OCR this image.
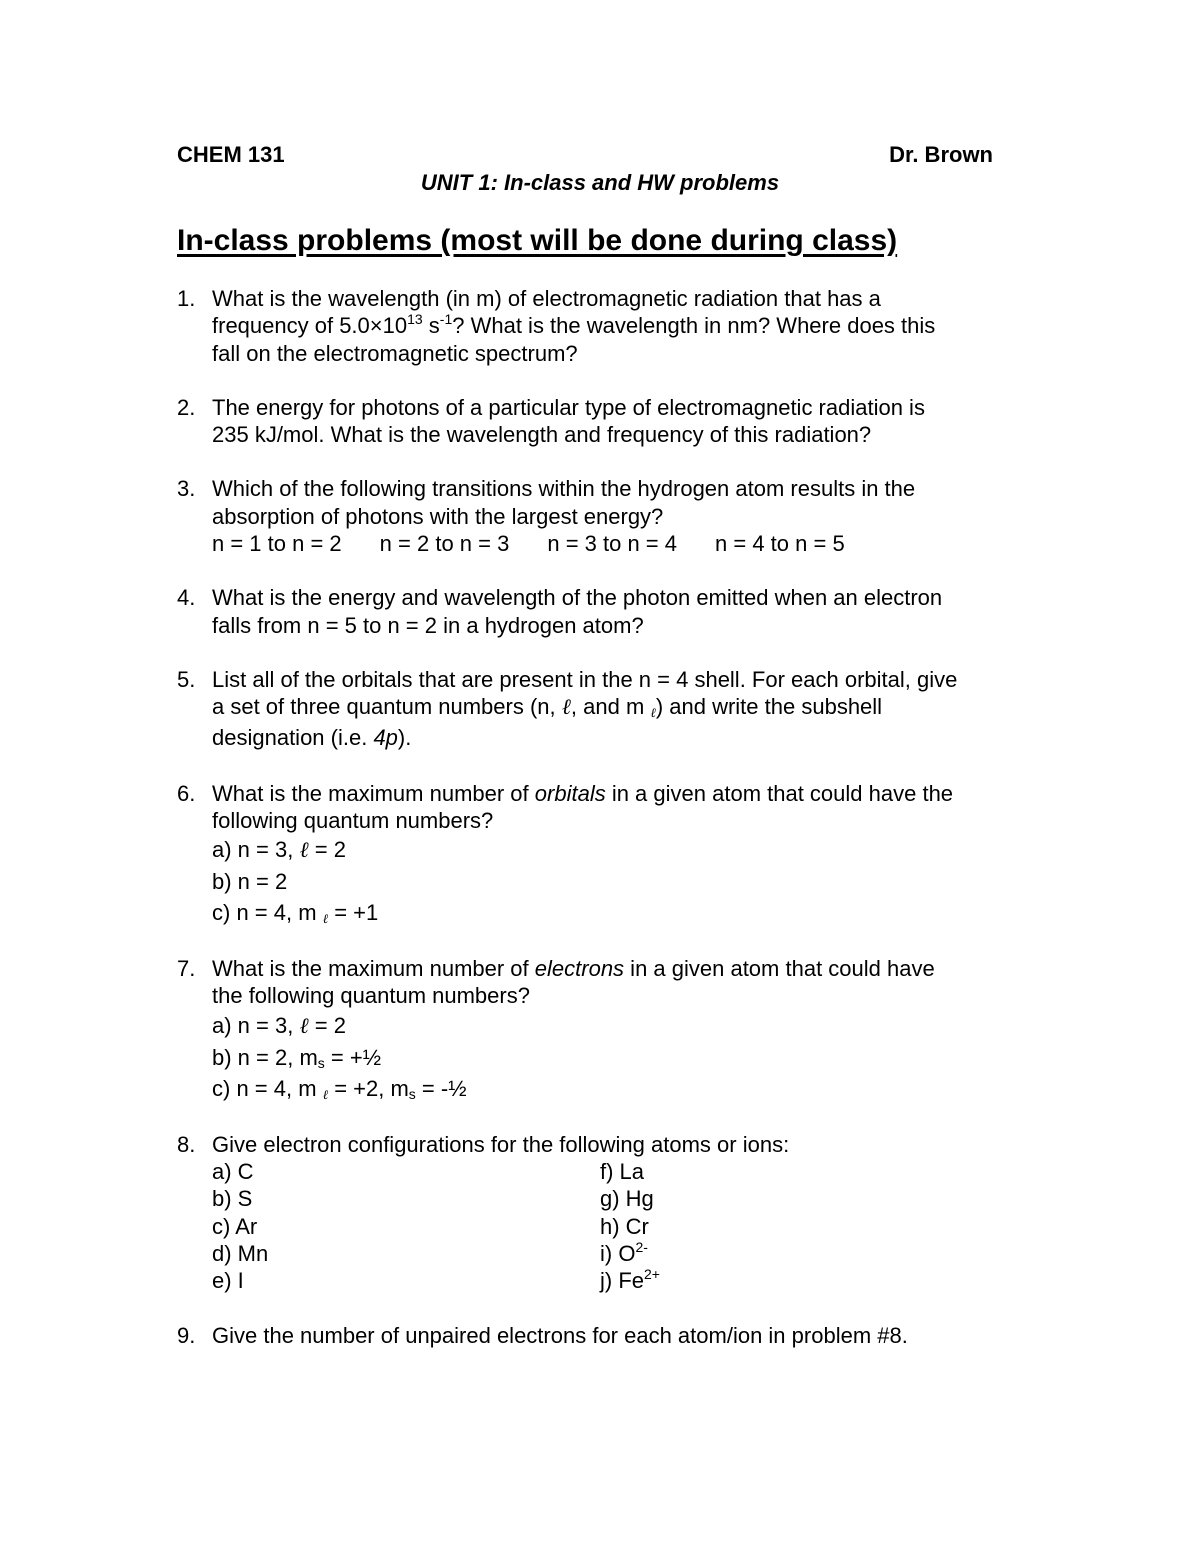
CHEM 131	Dr. Brown
UNIT 1: In-class and HW problems
In-class problems (most will be done during class)
1. What is the wavelength (in m) of electromagnetic radiation that has a
frequency of $5.0\times 10^{13}$ $s^{-1}$? What is the wavelength in nm? Where does this
fall on the electromagnetic spectrum?
2. The energy for photons of a particular type of electromagnetic radiation is
235 kJ/mol. What is the wavelength and frequency of this radiation?
3. Which of the following transitions within the hydrogen atom results in the
absorption of photons with the largest energy?
n = 1 to n = 2 n = 2 to n = 3 n = 3 to n = 4 n = 4 to n = 5
4. What is the energy and wavelength of the photon emitted when an electron
falls from n = 5 to n = 2 in a hydrogen atom?
5. List all of the orbitals that are present in the n = 4 shell. For each orbital, give
a set of three quantum numbers (n, ℓ, and m ℓ) and write the subshell
designation (i.e. 4p).
6. What is the maximum number of orbitals in a given atom that could have the
following quantum numbers?
a) n = 3, ℓ = 2
b) n = 2
c) n = 4, m ℓ = +1
7. What is the maximum number of electrons in a given atom that could have
the following quantum numbers?
a) n = 3, ℓ = 2
b) n = 2, $m_s$ = +½
c) n = 4, m ℓ = +2, $m_s$ = -½
8. Give electron configurations for the following atoms or ions:
a) C	f) La
b) S	g) Hg
c) Ar	h) Cr
d) Mn	i) $O^{2-}$
e) I	j) $Fe^{2+}$
9. Give the number of unpaired electrons for each atom/ion in problem #8.
